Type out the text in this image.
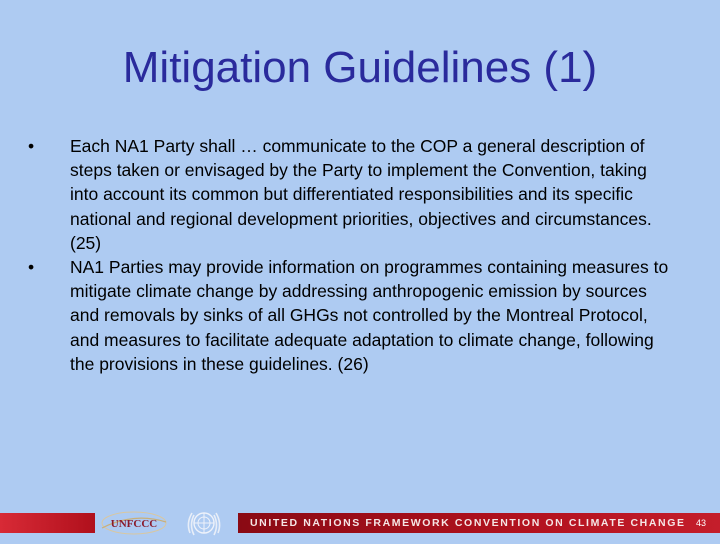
Mitigation Guidelines (1)
•	Each NA1 Party shall … communicate to the COP a general description of steps taken or envisaged by the Party to implement the Convention, taking into account its common but differentiated responsibilities and its specific national and regional development priorities, objectives and circumstances. (25)
•	NA1 Parties may provide information on programmes containing measures to mitigate climate change by addressing anthropogenic emission by sources and removals by sinks of all GHGs not controlled by the Montreal Protocol, and measures to facilitate adequate adaptation to climate change, following the provisions in these guidelines. (26)
UNFCCC	UNITED NATIONS FRAMEWORK CONVENTION ON CLIMATE CHANGE 43
